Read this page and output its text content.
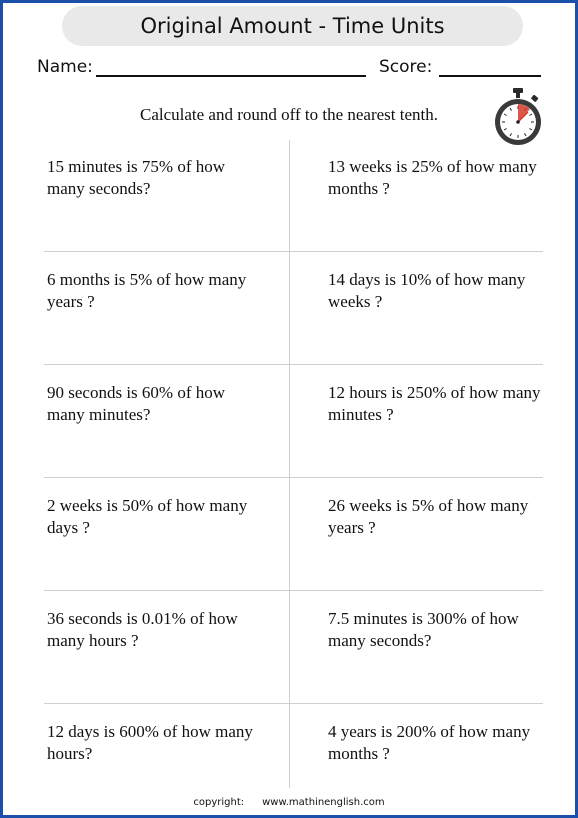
Original Amount - Time Units
Name:	Score:
Calculate and round off to the nearest tenth.
15 minutes is 75% of how many seconds?
13 weeks is 25% of how many months ?
6 months is 5% of how many years ?
14 days is 10% of how many weeks ?
90 seconds is 60% of how many minutes?
12 hours is 250% of how many minutes ?
2 weeks is 50% of how many days ?
26 weeks is 5% of how many years ?
36 seconds is 0.01% of how many hours ?
7.5 minutes is 300% of how many seconds?
12 days is 600% of how many hours?
4 years is 200% of how many months ?
copyright: www.mathinenglish.com
